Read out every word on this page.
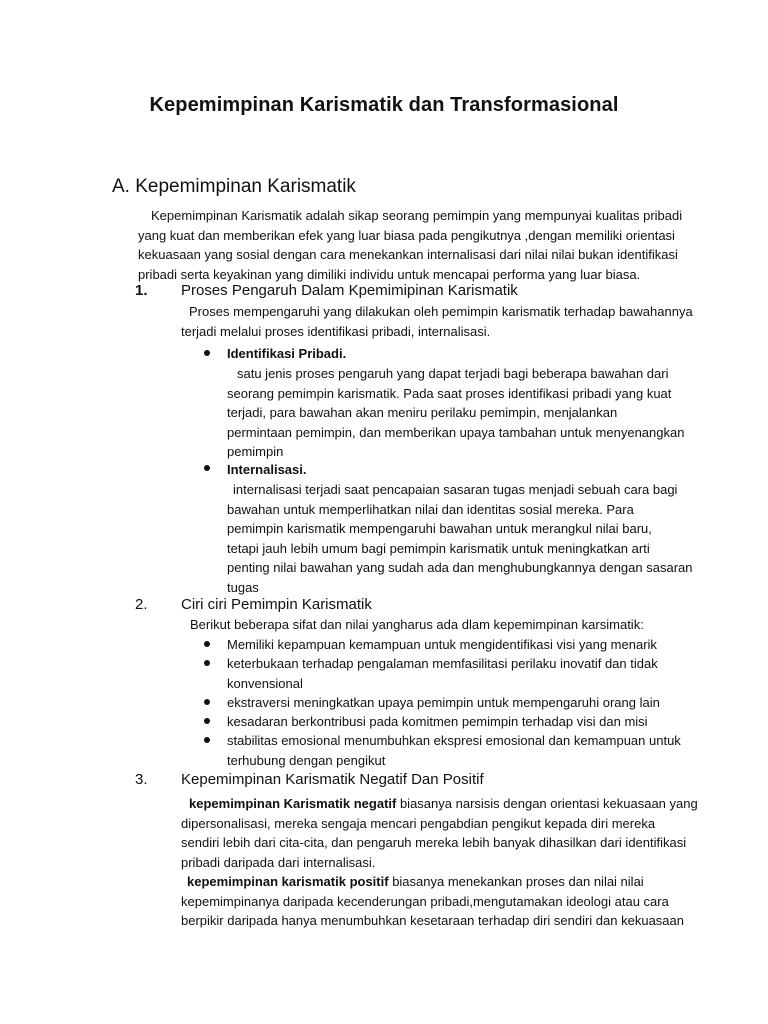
Kepemimpinan Karismatik dan Transformasional
A. Kepemimpinan Karismatik
Kepemimpinan Karismatik adalah sikap seorang pemimpin yang mempunyai kualitas pribadi
yang kuat dan memberikan efek yang luar biasa pada pengikutnya ,dengan memiliki orientasi
kekuasaan yang sosial dengan cara menekankan internalisasi dari nilai nilai bukan identifikasi
pribadi serta keyakinan yang dimiliki individu untuk mencapai performa yang luar biasa.
1. Proses Pengaruh Dalam Kpemimipinan Karismatik
Proses mempengaruhi yang dilakukan oleh pemimpin karismatik terhadap bawahannya
terjadi melalui proses identifikasi pribadi, internalisasi.
Identifikasi Pribadi.
satu jenis proses pengaruh yang dapat terjadi bagi beberapa bawahan dari
seorang pemimpin karismatik. Pada saat proses identifikasi pribadi yang kuat
terjadi, para bawahan akan meniru perilaku pemimpin, menjalankan
permintaan pemimpin, dan memberikan upaya tambahan untuk menyenangkan
pemimpin
Internalisasi.
internalisasi terjadi saat pencapaian sasaran tugas menjadi sebuah cara bagi
bawahan untuk memperlihatkan nilai dan identitas sosial mereka. Para
pemimpin karismatik mempengaruhi bawahan untuk merangkul nilai baru,
tetapi jauh lebih umum bagi pemimpin karismatik untuk meningkatkan arti
penting nilai bawahan yang sudah ada dan menghubungkannya dengan sasaran
tugas
2. Ciri ciri Pemimpin Karismatik
Berikut beberapa sifat dan nilai yangharus ada dlam kepemimpinan karsimatik:
Memiliki kepampuan kemampuan untuk mengidentifikasi visi yang menarik
keterbukaan terhadap pengalaman memfasilitasi perilaku inovatif dan tidak
konvensional
ekstraversi meningkatkan upaya pemimpin untuk mempengaruhi orang lain
kesadaran berkontribusi pada komitmen pemimpin terhadap visi dan misi
stabilitas emosional menumbuhkan ekspresi emosional dan kemampuan untuk
terhubung dengan pengikut
3. Kepemimpinan Karismatik Negatif Dan Positif
kepemimpinan Karismatik negatif biasanya narsisis dengan orientasi kekuasaan yang
dipersonalisasi, mereka sengaja mencari pengabdian pengikut kepada diri mereka
sendiri lebih dari cita-cita, dan pengaruh mereka lebih banyak dihasilkan dari identifikasi
pribadi daripada dari internalisasi.
kepemimpinan karismatik positif biasanya menekankan proses dan nilai nilai
kepemimpinanya daripada kecenderungan pribadi,mengutamakan ideologi atau cara
berpikir daripada hanya menumbuhkan kesetaraan terhadap diri sendiri dan kekuasaan
